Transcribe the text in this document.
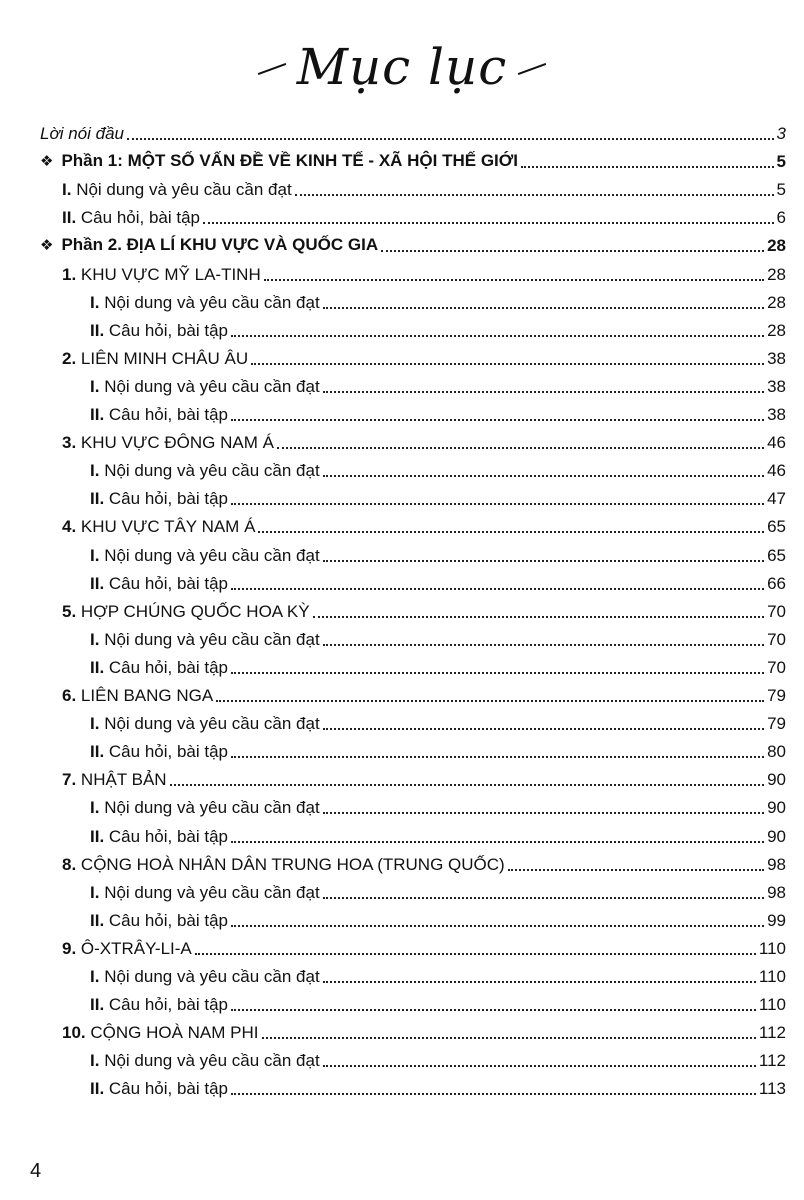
Mục lục
Lời nói đầu	3
❖ Phần 1: MỘT SỐ VẤN ĐỀ VỀ KINH TẾ - XÃ HỘI THẾ GIỚI	5
I. Nội dung và yêu cầu cần đạt	5
II. Câu hỏi, bài tập	6
❖ Phần 2. ĐỊA LÍ KHU VỰC VÀ QUỐC GIA	28
1. KHU VỰC MỸ LA-TINH	28
I. Nội dung và yêu cầu cần đạt	28
II. Câu hỏi, bài tập	28
2. LIÊN MINH CHÂU ÂU	38
I. Nội dung và yêu cầu cần đạt	38
II. Câu hỏi, bài tập	38
3. KHU VỰC ĐÔNG NAM Á	46
I. Nội dung và yêu cầu cần đạt	46
II. Câu hỏi, bài tập	47
4. KHU VỰC TÂY NAM Á	65
I. Nội dung và yêu cầu cần đạt	65
II. Câu hỏi, bài tập	66
5. HỢP CHÚNG QUỐC HOA KỲ	70
I. Nội dung và yêu cầu cần đạt	70
II. Câu hỏi, bài tập	70
6. LIÊN BANG NGA	79
I. Nội dung và yêu cầu cần đạt	79
II. Câu hỏi, bài tập	80
7. NHẬT BẢN	90
I. Nội dung và yêu cầu cần đạt	90
II. Câu hỏi, bài tập	90
8. CỘNG HOÀ NHÂN DÂN TRUNG HOA (TRUNG QUỐC)	98
I. Nội dung và yêu cầu cần đạt	98
II. Câu hỏi, bài tập	99
9. Ô-XTRÂY-LI-A	110
I. Nội dung và yêu cầu cần đạt	110
II. Câu hỏi, bài tập	110
10. CỘNG HOÀ NAM PHI	112
I. Nội dung và yêu cầu cần đạt	112
II. Câu hỏi, bài tập	113
4
